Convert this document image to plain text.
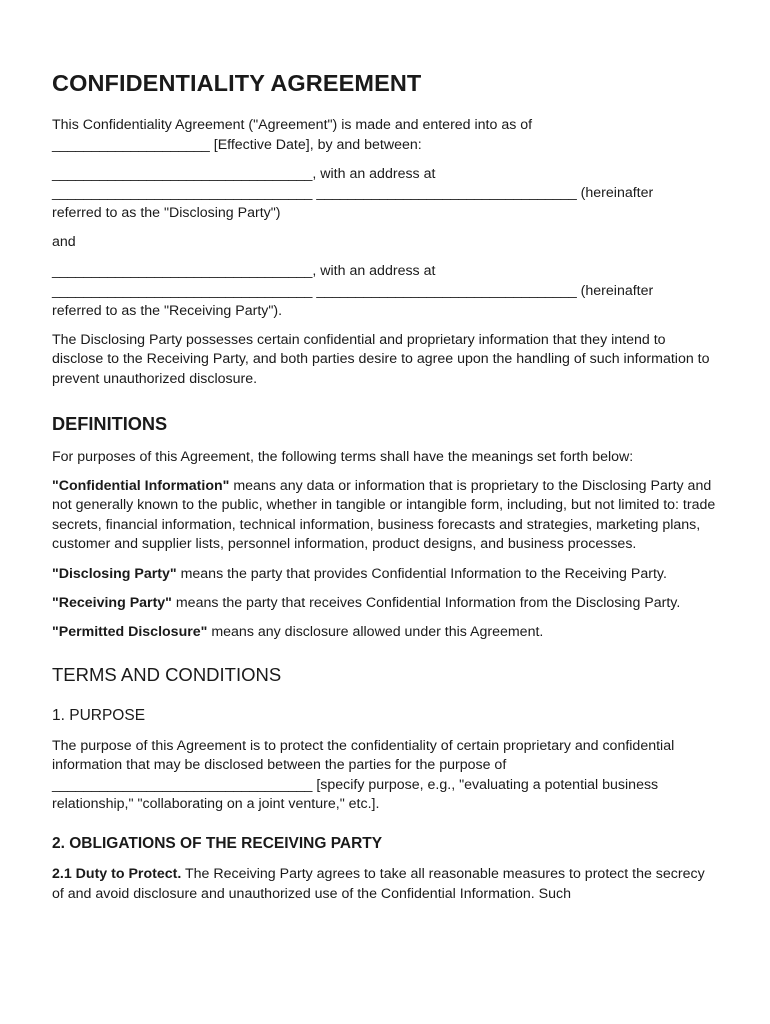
CONFIDENTIALITY AGREEMENT

This Confidentiality Agreement ("Agreement") is made and entered into as of
____________________ [Effective Date], by and between:

_________________________________, with an address at
_________________________________ _________________________________ (hereinafter
referred to as the "Disclosing Party")

and

_________________________________, with an address at
_________________________________ _________________________________ (hereinafter
referred to as the "Receiving Party").

The Disclosing Party possesses certain confidential and proprietary information that they intend to disclose to the Receiving Party, and both parties desire to agree upon the handling of such information to prevent unauthorized disclosure.

DEFINITIONS

For purposes of this Agreement, the following terms shall have the meanings set forth below:

"Confidential Information" means any data or information that is proprietary to the Disclosing Party and not generally known to the public, whether in tangible or intangible form, including, but not limited to: trade secrets, financial information, technical information, business forecasts and strategies, marketing plans, customer and supplier lists, personnel information, product designs, and business processes.

"Disclosing Party" means the party that provides Confidential Information to the Receiving Party.

"Receiving Party" means the party that receives Confidential Information from the Disclosing Party.

"Permitted Disclosure" means any disclosure allowed under this Agreement.

TERMS AND CONDITIONS
1. PURPOSE

The purpose of this Agreement is to protect the confidentiality of certain proprietary and confidential information that may be disclosed between the parties for the purpose of
_________________________________ [specify purpose, e.g., "evaluating a potential business relationship," "collaborating on a joint venture," etc.].

2. OBLIGATIONS OF THE RECEIVING PARTY

2.1 Duty to Protect. The Receiving Party agrees to take all reasonable measures to protect the secrecy of and avoid disclosure and unauthorized use of the Confidential Information. Such
